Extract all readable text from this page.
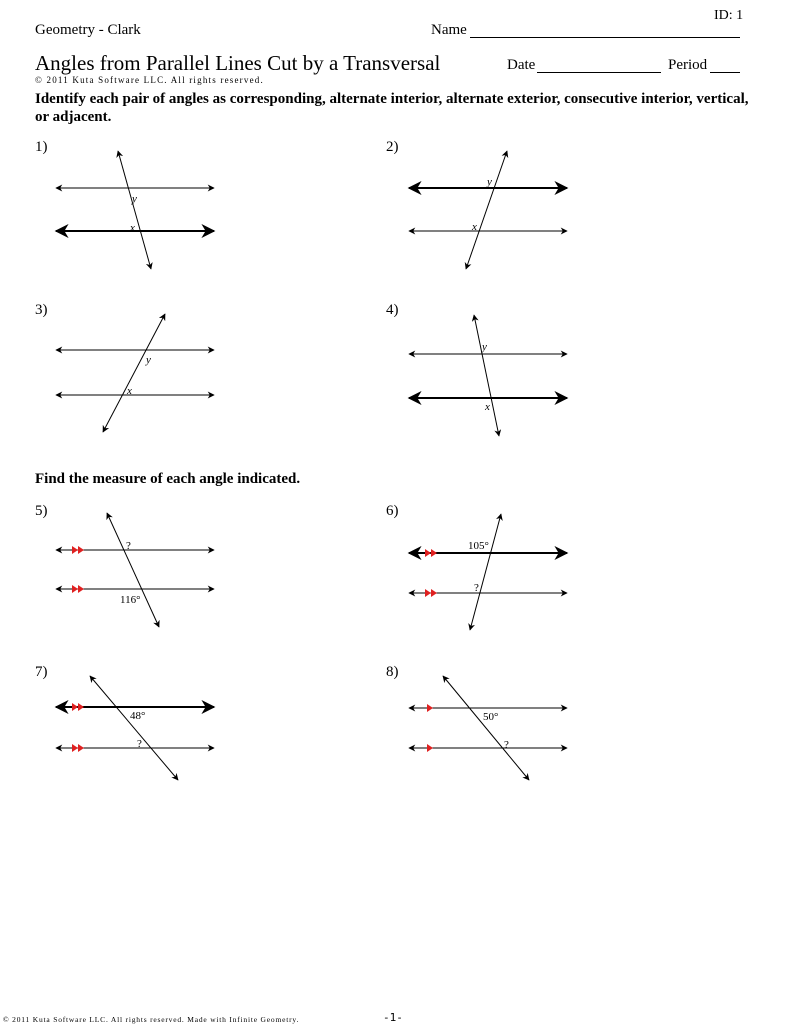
ID: 1
Geometry - Clark	Name
Angles from Parallel Lines Cut by a Transversal	Date	Period
© 2011 Kuta Software LLC. All rights reserved.
Identify each pair of angles as corresponding, alternate interior, alternate exterior, consecutive interior, vertical, or adjacent.
Find the measure of each angle indicated.
1)	2)
3)	4)
5)	6)
7)	8)
y
x
y
x
y
x
y
x
?
116°
105°
?
48°
?
50°
?
© 2011 Kuta Software LLC. All rights reserved. Made with Infinite Geometry.	-1-
